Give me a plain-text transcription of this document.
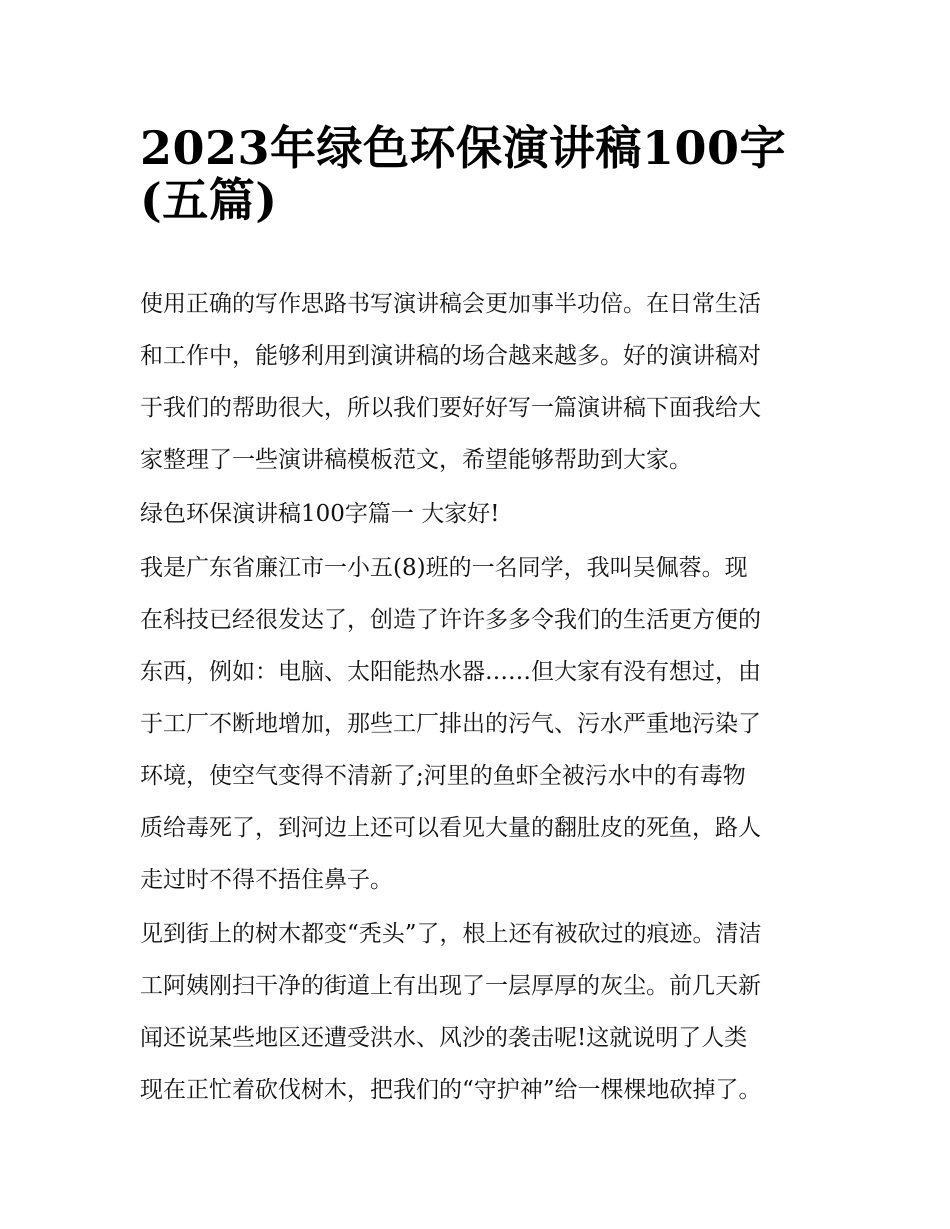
2023年绿色环保演讲稿100字
(五篇)

使用正确的写作思路书写演讲稿会更加事半功倍。在日常生活
和工作中，能够利用到演讲稿的场合越来越多。好的演讲稿对
于我们的帮助很大，所以我们要好好写一篇演讲稿下面我给大
家整理了一些演讲稿模板范文，希望能够帮助到大家。

绿色环保演讲稿100字篇一 大家好!

我是广东省廉江市一小五(8)班的一名同学，我叫吴佩蓉。现
在科技已经很发达了，创造了许许多多令我们的生活更方便的
东西，例如：电脑、太阳能热水器……但大家有没有想过，由
于工厂不断地增加，那些工厂排出的污气、污水严重地污染了
环境，使空气变得不清新了;河里的鱼虾全被污水中的有毒物
质给毒死了，到河边上还可以看见大量的翻肚皮的死鱼，路人
走过时不得不捂住鼻子。

见到街上的树木都变“秃头”了，根上还有被砍过的痕迹。清洁
工阿姨刚扫干净的街道上有出现了一层厚厚的灰尘。前几天新
闻还说某些地区还遭受洪水、风沙的袭击呢!这就说明了人类
现在正忙着砍伐树木，把我们的“守护神”给一棵棵地砍掉了。
